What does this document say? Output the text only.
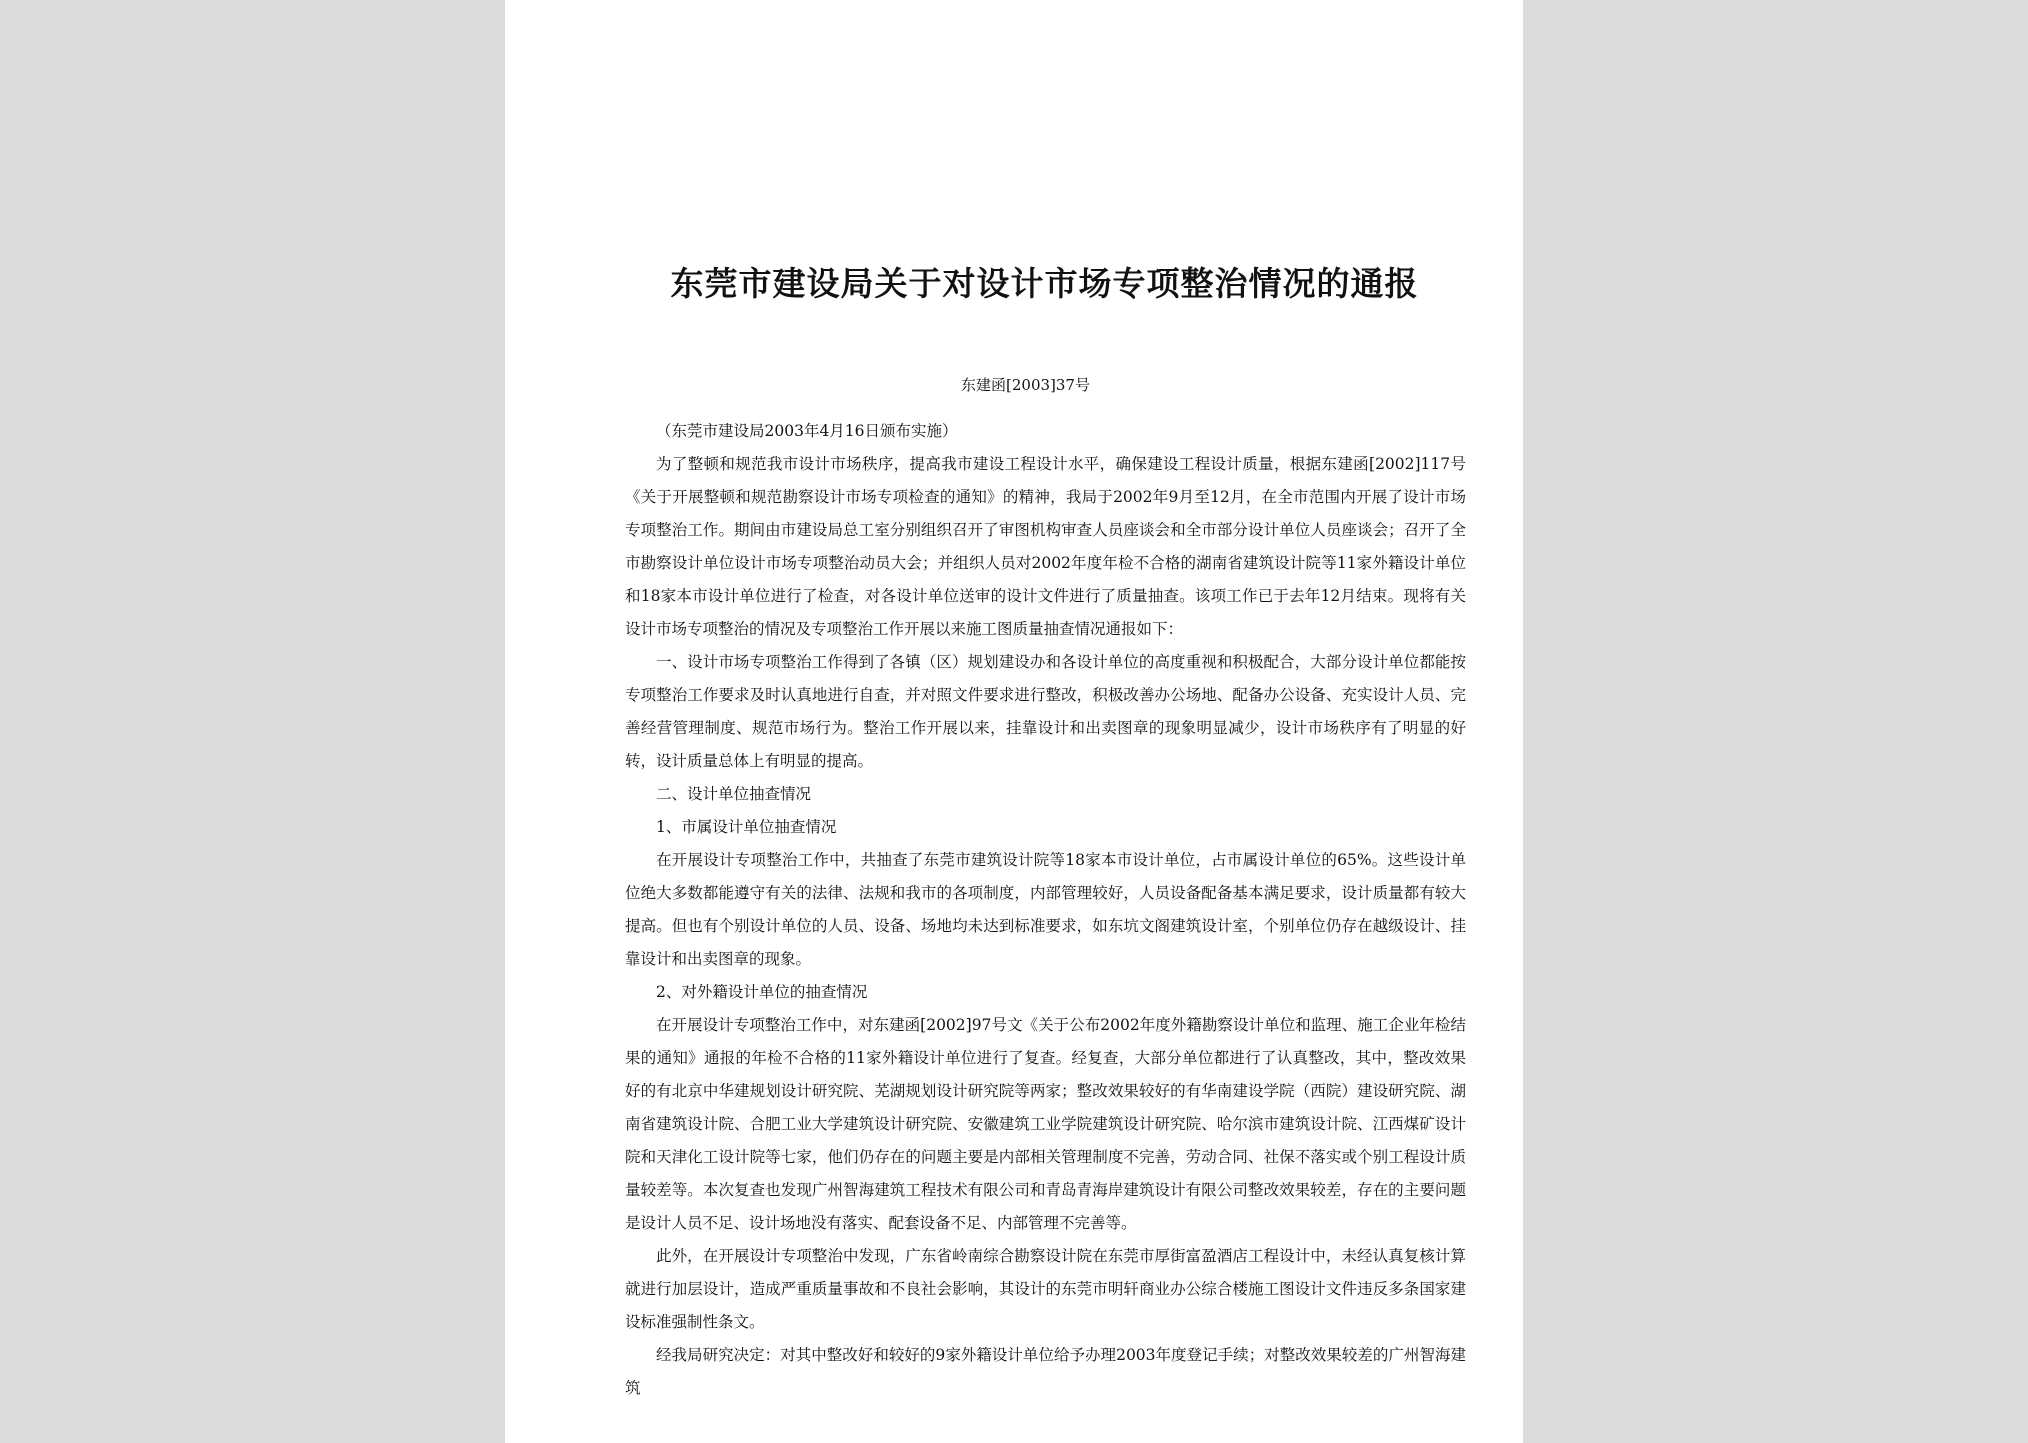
东莞市建设局关于对设计市场专项整治情况的通报
东建函[2003]37号

（东莞市建设局2003年4月16日颁布实施）

为了整顿和规范我市设计市场秩序，提高我市建设工程设计水平，确保建设工程设计质量，根据东建函[2002]117号《关于开展整顿和规范勘察设计市场专项检查的通知》的精神，我局于2002年9月至12月，在全市范围内开展了设计市场专项整治工作。期间由市建设局总工室分别组织召开了审图机构审查人员座谈会和全市部分设计单位人员座谈会；召开了全市勘察设计单位设计市场专项整治动员大会；并组织人员对2002年度年检不合格的湖南省建筑设计院等11家外籍设计单位和18家本市设计单位进行了检查，对各设计单位送审的设计文件进行了质量抽查。该项工作已于去年12月结束。现将有关设计市场专项整治的情况及专项整治工作开展以来施工图质量抽查情况通报如下：

一、设计市场专项整治工作得到了各镇（区）规划建设办和各设计单位的高度重视和积极配合，大部分设计单位都能按专项整治工作要求及时认真地进行自查，并对照文件要求进行整改，积极改善办公场地、配备办公设备、充实设计人员、完善经营管理制度、规范市场行为。整治工作开展以来，挂靠设计和出卖图章的现象明显减少，设计市场秩序有了明显的好转，设计质量总体上有明显的提高。

二、设计单位抽查情况

1、市属设计单位抽查情况

在开展设计专项整治工作中，共抽查了东莞市建筑设计院等18家本市设计单位，占市属设计单位的65%。这些设计单位绝大多数都能遵守有关的法律、法规和我市的各项制度，内部管理较好，人员设备配备基本满足要求，设计质量都有较大提高。但也有个别设计单位的人员、设备、场地均未达到标准要求，如东坑文阁建筑设计室，个别单位仍存在越级设计、挂靠设计和出卖图章的现象。

2、对外籍设计单位的抽查情况

在开展设计专项整治工作中，对东建函[2002]97号文《关于公布2002年度外籍勘察设计单位和监理、施工企业年检结果的通知》通报的年检不合格的11家外籍设计单位进行了复查。经复查，大部分单位都进行了认真整改，其中，整改效果好的有北京中华建规划设计研究院、芜湖规划设计研究院等两家；整改效果较好的有华南建设学院（西院）建设研究院、湖南省建筑设计院、合肥工业大学建筑设计研究院、安徽建筑工业学院建筑设计研究院、哈尔滨市建筑设计院、江西煤矿设计院和天津化工设计院等七家，他们仍存在的问题主要是内部相关管理制度不完善，劳动合同、社保不落实或个别工程设计质量较差等。本次复查也发现广州智海建筑工程技术有限公司和青岛青海岸建筑设计有限公司整改效果较差，存在的主要问题是设计人员不足、设计场地没有落实、配套设备不足、内部管理不完善等。

此外，在开展设计专项整治中发现，广东省岭南综合勘察设计院在东莞市厚街富盈酒店工程设计中，未经认真复核计算就进行加层设计，造成严重质量事故和不良社会影响，其设计的东莞市明轩商业办公综合楼施工图设计文件违反多条国家建设标准强制性条文。

经我局研究决定：对其中整改好和较好的9家外籍设计单位给予办理2003年度登记手续；对整改效果较差的广州智海建筑
